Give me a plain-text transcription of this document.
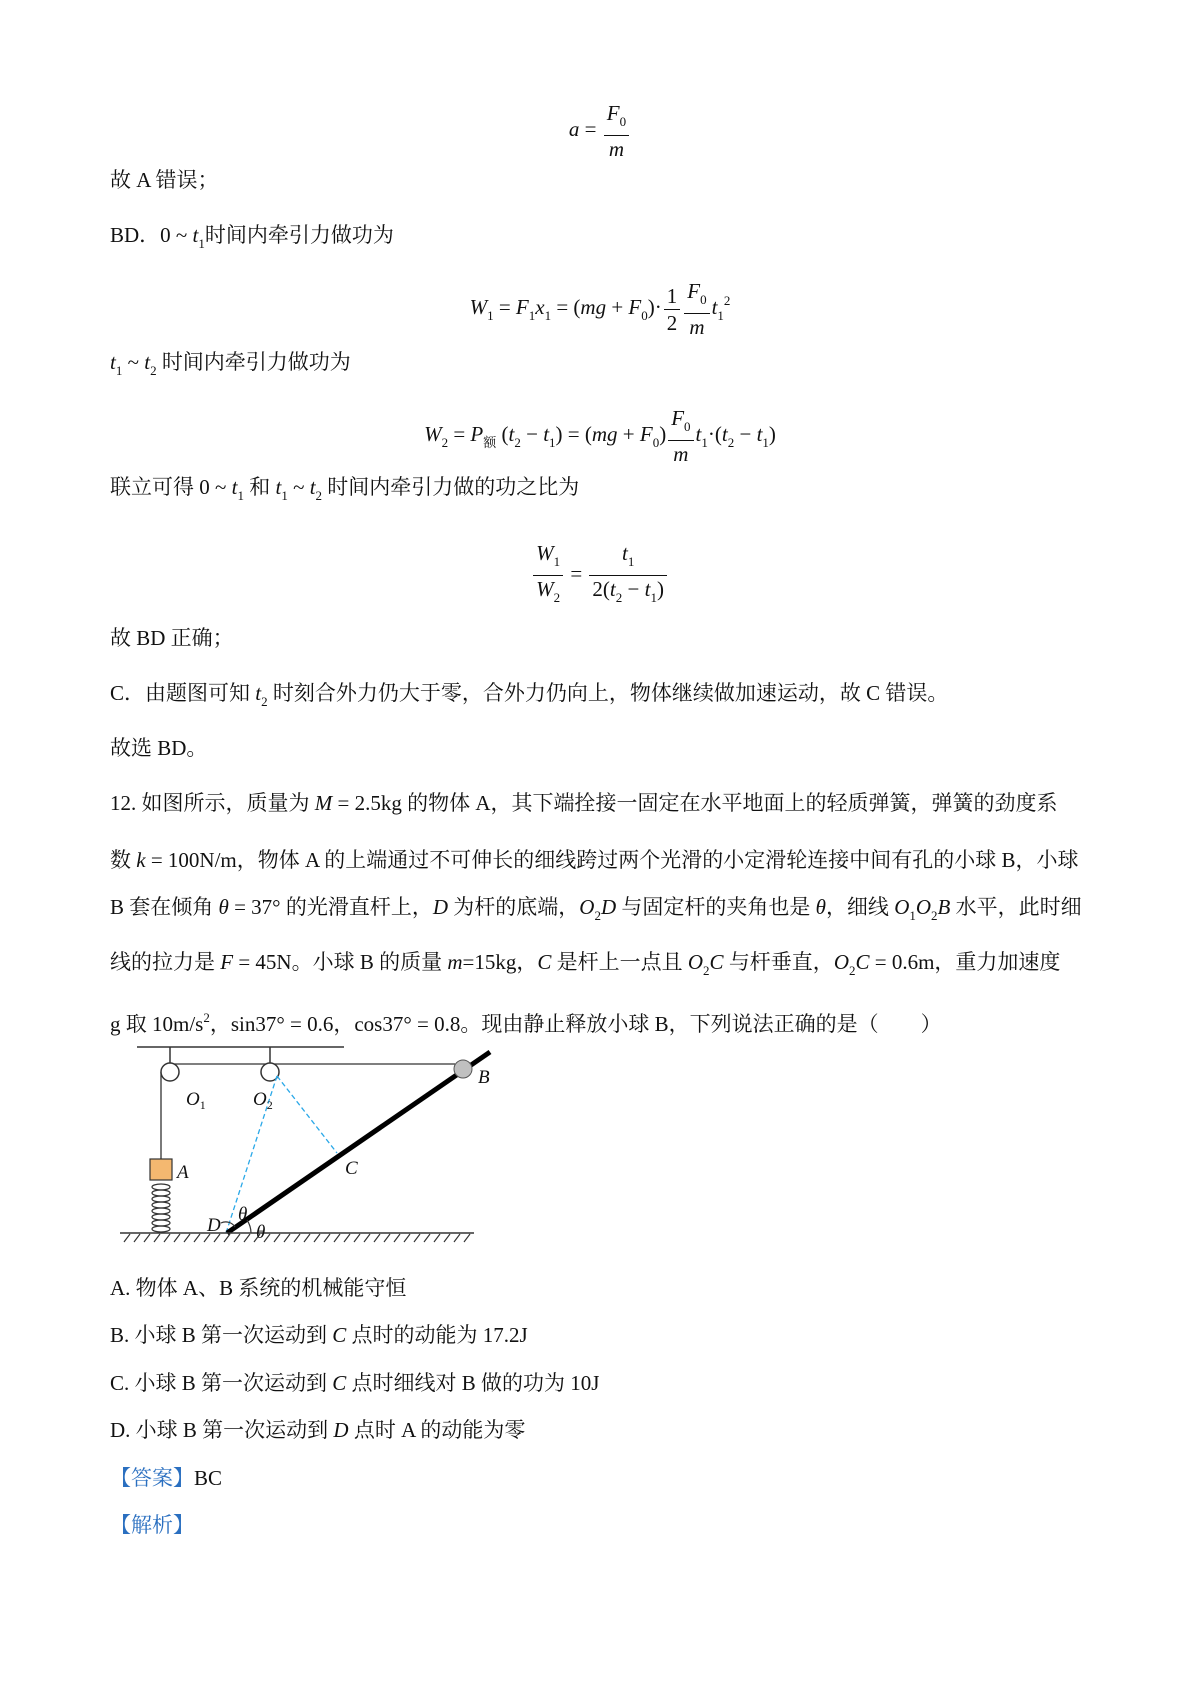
$a = \frac{F_0}{m}$
故 A 错误；
BD．0 ~ $t_1$时间内牵引力做功为
$W_1 = F_1x_1 = (mg + F_0)\cdot \frac{1}{2} \frac{F_0}{m} t_1^2$
$t_1$ ~ $t_2$ 时间内牵引力做功为
$W_2 = P_额$ $(t_2 - t_1) = (mg + F_0) \frac{F_0}{m} t_1\cdot(t_2 - t_1)$
联立可得 0 ~ $t_1$ 和 $t_1$ ~ $t_2$ 时间内牵引力做的功之比为
$\frac{W_1}{W_2} = \frac{t_1}{2(t_2 - t_1)}$
故 BD 正确；
C．由题图可知 $t_2$ 时刻合外力仍大于零，合外力仍向上，物体继续做加速运动，故 C 错误。
故选 BD。
12. 如图所示，质量为 M = 2.5kg 的物体 A，其下端拴接一固定在水平地面上的轻质弹簧，弹簧的劲度系
数 k = 100N/m，物体 A 的上端通过不可伸长的细线跨过两个光滑的小定滑轮连接中间有孔的小球 B，小球
B 套在倾角 θ = 37° 的光滑直杆上，D 为杆的底端，$O_2D$ 与固定杆的夹角也是 θ，细线 $O_1O_2B$ 水平，此时细
线的拉力是 F = 45N。小球 B 的质量 m=15kg，C 是杆上一点且 $O_2C$ 与杆垂直，$O_2C = 0.6m$，重力加速度
g 取 $10m/s^2$，sin37° = 0.6，cos37° = 0.8。现由静止释放小球 B，下列说法正确的是（　　）
A. 物体 A、B 系统的机械能守恒
B. 小球 B 第一次运动到 C 点时的动能为 17.2J
C. 小球 B 第一次运动到 C 点时细线对 B 做的功为 10J
D. 小球 B 第一次运动到 D 点时 A 的动能为零
【答案】BC
【解析】
$O_1$ $O_2$
A
B
C
D
θ
θ
